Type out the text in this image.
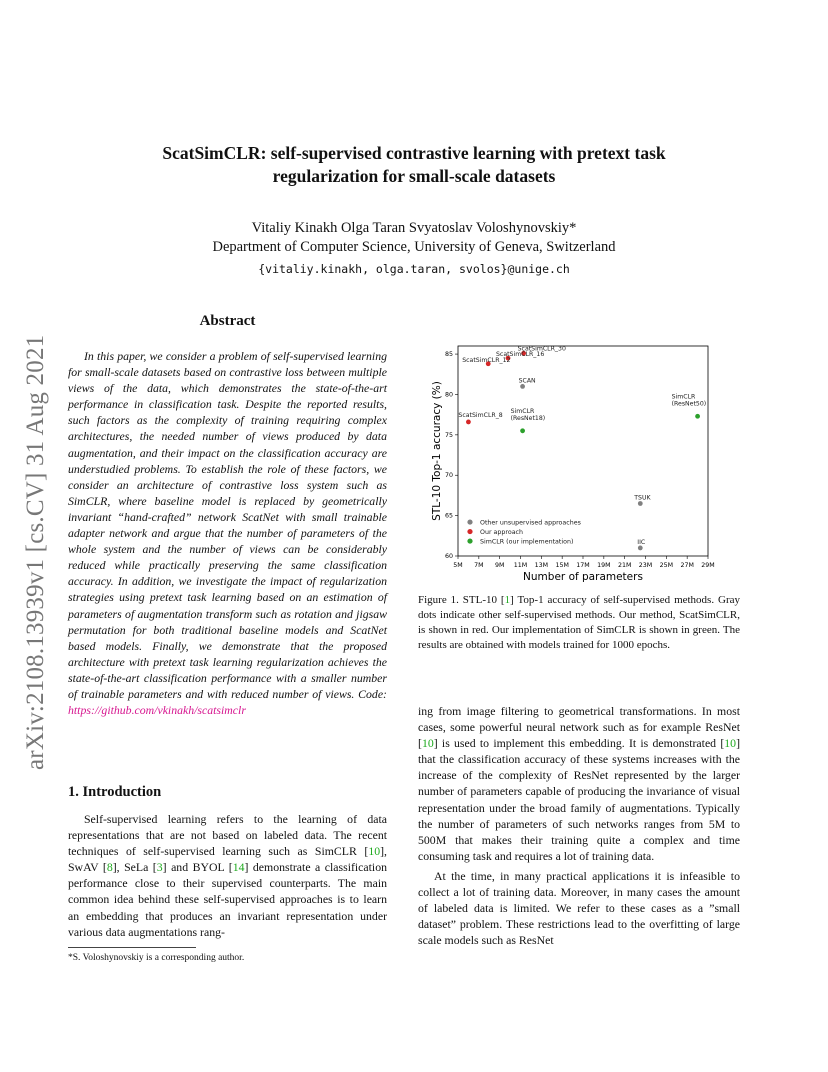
ScatSimCLR: self-supervised contrastive learning with pretext task
regularization for small-scale datasets
Vitaliy Kinakh Olga Taran Svyatoslav Voloshynovskiy*
Department of Computer Science, University of Geneva, Switzerland
{vitaliy.kinakh, olga.taran, svolos}@unige.ch
arXiv:2108.13939v1 [cs.CV] 31 Aug 2021
Abstract
In this paper, we consider a problem of self-supervised learning for small-scale datasets based on contrastive loss between multiple views of the data, which demonstrates the state-of-the-art performance in classification task. Despite the reported results, such factors as the complexity of training requiring complex architectures, the needed number of views produced by data augmentation, and their impact on the classification accuracy are understudied problems. To establish the role of these factors, we consider an architecture of contrastive loss system such as SimCLR, where baseline model is replaced by geometrically invariant “hand-crafted” network ScatNet with small trainable adapter network and argue that the number of parameters of the whole system and the number of views can be considerably reduced while practically preserving the same classification accuracy. In addition, we investigate the impact of regularization strategies using pretext task learning based on an estimation of parameters of augmentation transform such as rotation and jigsaw permutation for both traditional baseline models and ScatNet based models. Finally, we demonstrate that the proposed architecture with pretext task learning regularization achieves the state-of-the-art classification performance with a smaller number of trainable parameters and with reduced number of views. Code: https://github.com/vkinakh/scatsimclr
1. Introduction
Self-supervised learning refers to the learning of data representations that are not based on labeled data. The recent techniques of self-supervised learning such as SimCLR [10], SwAV [8], SeLa [3] and BYOL [14] demonstrate a classification performance close to their supervised counterparts. The main common idea behind these self-supervised approaches is to learn an embedding that produces an invariant representation under various data augmentations rang-
*S. Voloshynovskiy is a corresponding author.
5M 7M 9M 11M 13M 15M 17M 19M 21M 23M 25M 27M 29M
60
65
70
75
80
85
Number of parameters
STL-10 Top-1 accuracy (%)
SCAN
TSUK
IIC
ScatSimCLR_30
ScatSimCLR_16
ScatSimCLR_12
ScatSimCLR_8
SimCLR
(ResNet18)
SimCLR
(ResNet50)
Other unsupervised approaches
Our approach
SimCLR (our implementation)
Figure 1. STL-10 [1] Top-1 accuracy of self-supervised methods. Gray dots indicate other self-supervised methods. Our method, ScatSimCLR, is shown in red. Our implementation of SimCLR is shown in green. The results are obtained with models trained for 1000 epochs.

ing from image filtering to geometrical transformations. In most cases, some powerful neural network such as for example ResNet [10] is used to implement this embedding. It is demonstrated [10] that the classification accuracy of these systems increases with the increase of the complexity of ResNet represented by the larger number of parameters capable of producing the invariance of visual representation under the broad family of augmentations. Typically the number of parameters of such networks ranges from 5M to 500M that makes their training quite a complex and time consuming task and requires a lot of training data.

At the time, in many practical applications it is infeasible to collect a lot of training data. Moreover, in many cases the amount of labeled data is limited. We refer to these cases as a ”small dataset” problem. These restrictions lead to the overfitting of large scale models such as ResNet
